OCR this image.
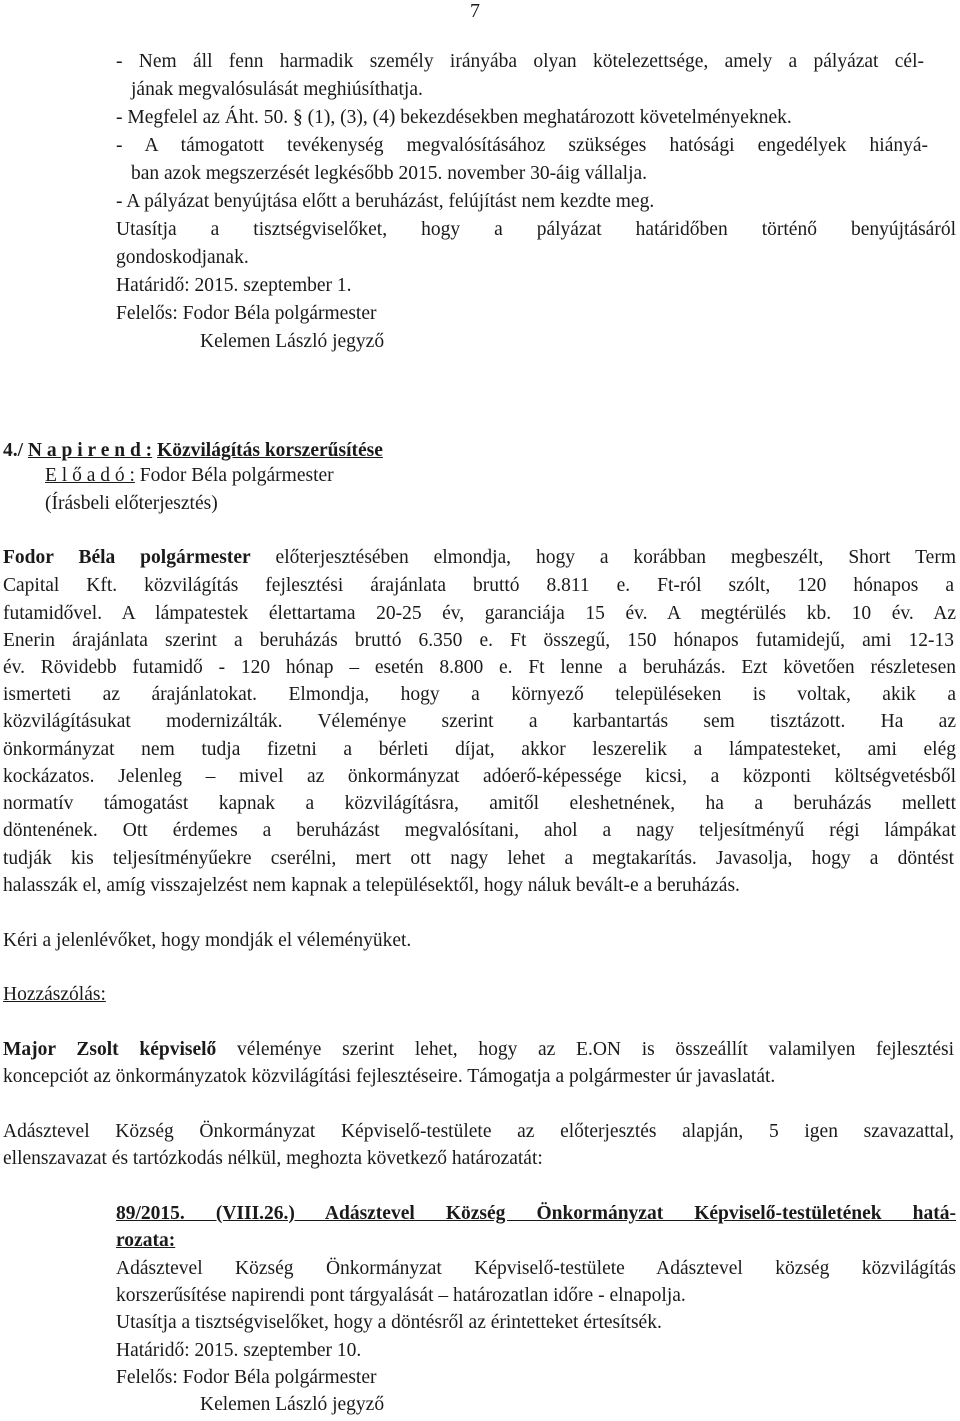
7
- Nem áll fenn harmadik személy irányába olyan kötelezettsége, amely a pályázat cél-
jának megvalósulását meghiúsíthatja.
- Megfelel az Áht. 50. § (1), (3), (4) bekezdésekben meghatározott követelményeknek.
- A támogatott tevékenység megvalósításához szükséges hatósági engedélyek hiányá-
ban azok megszerzését legkésőbb 2015. november 30-áig vállalja.
- A pályázat benyújtása előtt a beruházást, felújítást nem kezdte meg.
Utasítja a tisztségviselőket, hogy a pályázat határidőben történő benyújtásáról
gondoskodjanak.
Határidő: 2015. szeptember 1.
Felelős: Fodor Béla polgármester
Kelemen László jegyző
4./ N a p i r e n d : Közvilágítás korszerűsítése
E l ő a d ó : Fodor Béla polgármester
(Írásbeli előterjesztés)
Fodor Béla polgármester előterjesztésében elmondja, hogy a korábban megbeszélt, Short Term
Capital Kft. közvilágítás fejlesztési árajánlata bruttó 8.811 e. Ft-ról szólt, 120 hónapos a
futamidővel. A lámpatestek élettartama 20-25 év, garanciája 15 év. A megtérülés kb. 10 év. Az
Enerin árajánlata szerint a beruházás bruttó 6.350 e. Ft összegű, 150 hónapos futamidejű, ami 12-13
év. Rövidebb futamidő - 120 hónap – esetén 8.800 e. Ft lenne a beruházás. Ezt követően részletesen
ismerteti az árajánlatokat. Elmondja, hogy a környező településeken is voltak, akik a
közvilágításukat modernizálták. Véleménye szerint a karbantartás sem tisztázott. Ha az
önkormányzat nem tudja fizetni a bérleti díjat, akkor leszerelik a lámpatesteket, ami elég
kockázatos. Jelenleg – mivel az önkormányzat adóerő-képessége kicsi, a központi költségvetésből
normatív támogatást kapnak a közvilágításra, amitől eleshetnének, ha a beruházás mellett
döntenének. Ott érdemes a beruházást megvalósítani, ahol a nagy teljesítményű régi lámpákat
tudják kis teljesítményűekre cserélni, mert ott nagy lehet a megtakarítás. Javasolja, hogy a döntést
halasszák el, amíg visszajelzést nem kapnak a településektől, hogy náluk bevált-e a beruházás.
Kéri a jelenlévőket, hogy mondják el véleményüket.
Hozzászólás:
Major Zsolt képviselő véleménye szerint lehet, hogy az E.ON is összeállít valamilyen fejlesztési
koncepciót az önkormányzatok közvilágítási fejlesztéseire. Támogatja a polgármester úr javaslatát.
Adásztevel Község Önkormányzat Képviselő-testülete az előterjesztés alapján, 5 igen szavazattal,
ellenszavazat és tartózkodás nélkül, meghozta következő határozatát:
89/2015. (VIII.26.) Adásztevel Község Önkormányzat Képviselő-testületének hatá-
rozata:
Adásztevel Község Önkormányzat Képviselő-testülete Adásztevel község közvilágítás
korszerűsítése napirendi pont tárgyalását – határozatlan időre - elnapolja.
Utasítja a tisztségviselőket, hogy a döntésről az érintetteket értesítsék.
Határidő: 2015. szeptember 10.
Felelős: Fodor Béla polgármester
Kelemen László jegyző
